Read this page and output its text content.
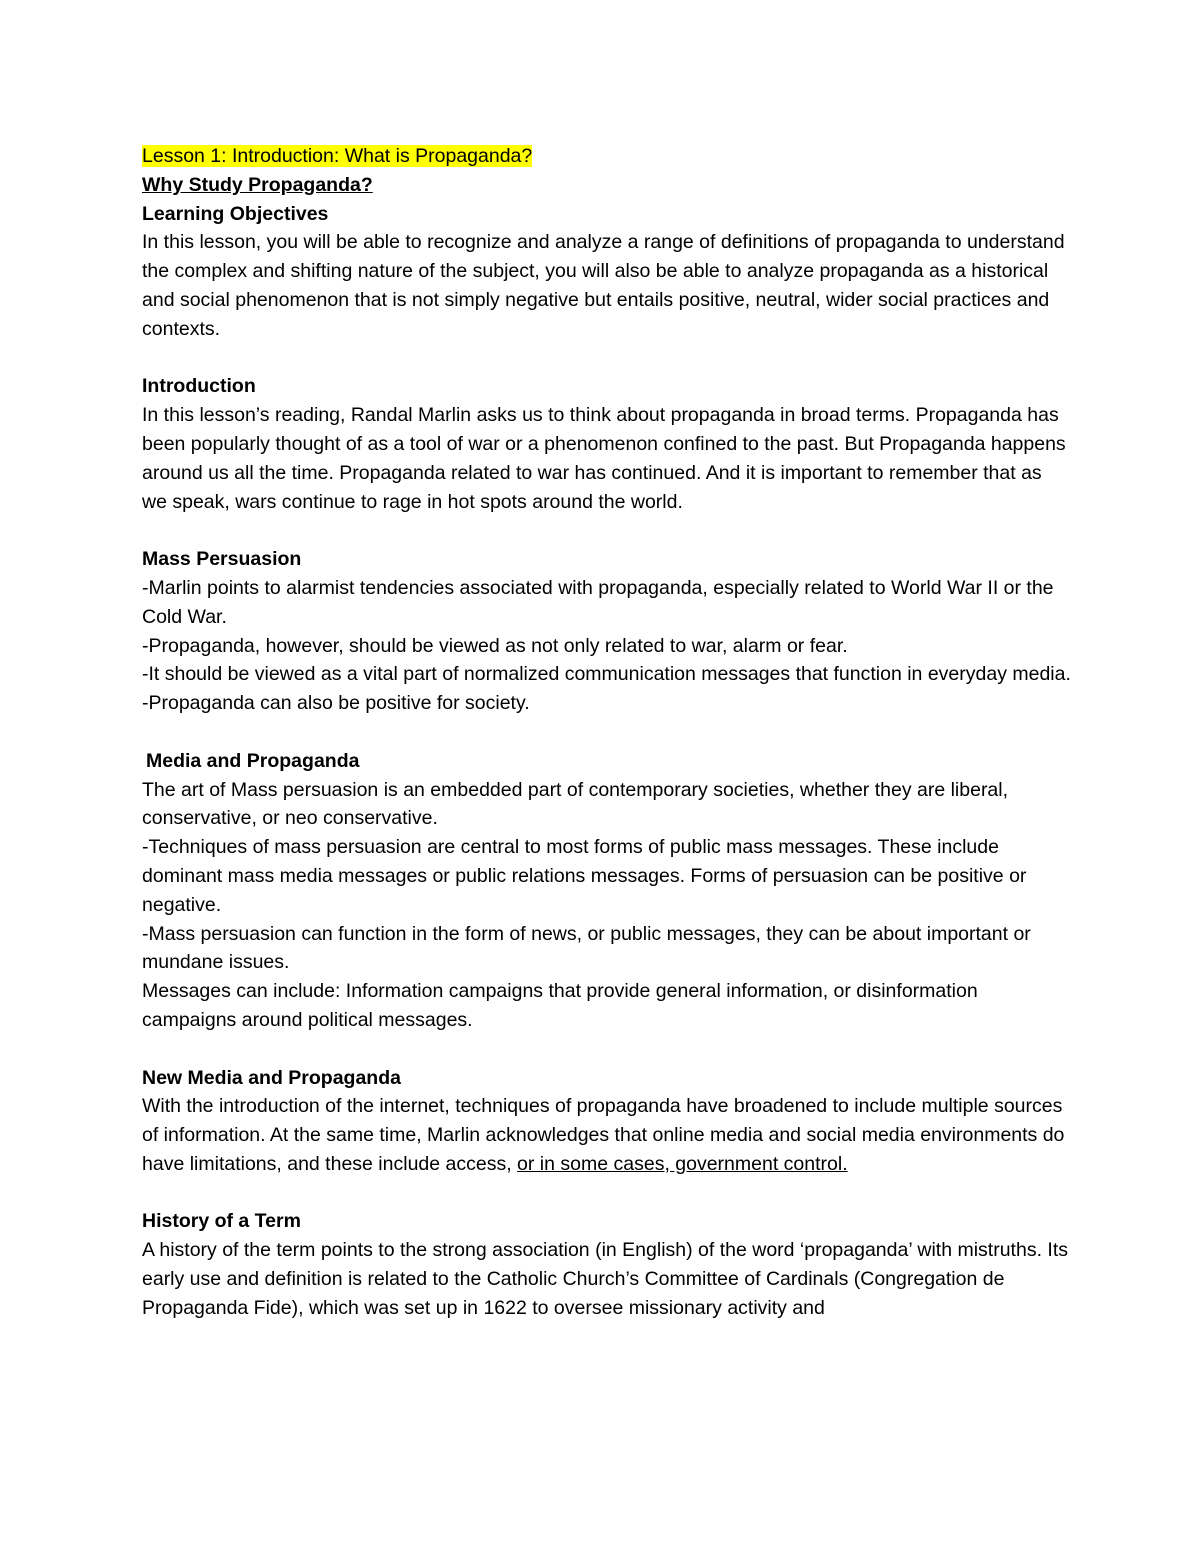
Lesson 1: Introduction: What is Propaganda?

Why Study Propaganda?

Learning Objectives

In this lesson, you will be able to recognize and analyze a range of definitions of propaganda to understand the complex and shifting nature of the subject, you will also be able to analyze propaganda as a historical and social phenomenon that is not simply negative but entails positive, neutral, wider social practices and contexts.

Introduction

In this lesson’s reading, Randal Marlin asks us to think about propaganda in broad terms. Propaganda has been popularly thought of as a tool of war or a phenomenon confined to the past. But Propaganda happens around us all the time. Propaganda related to war has continued. And it is important to remember that as we speak, wars continue to rage in hot spots around the world.

Mass Persuasion

-Marlin points to alarmist tendencies associated with propaganda, especially related to World War II or the Cold War.

-Propaganda, however, should be viewed as not only related to war, alarm or fear.

-It should be viewed as a vital part of normalized communication messages that function in everyday media.

-Propaganda can also be positive for society.

Media and Propaganda

The art of Mass persuasion is an embedded part of contemporary societies, whether they are liberal, conservative, or neo conservative.

-Techniques of mass persuasion are central to most forms of public mass messages. These include dominant mass media messages or public relations messages. Forms of persuasion can be positive or negative.

-Mass persuasion can function in the form of news, or public messages, they can be about important or mundane issues.

Messages can include: Information campaigns that provide general information, or disinformation campaigns around political messages.

New Media and Propaganda

With the introduction of the internet, techniques of propaganda have broadened to include multiple sources of information. At the same time, Marlin acknowledges that online media and social media environments do have limitations, and these include access, or in some cases, government control.

History of a Term

A history of the term points to the strong association (in English) of the word ‘propaganda’ with mistruths. Its early use and definition is related to the Catholic Church’s Committee of Cardinals (Congregation de Propaganda Fide), which was set up in 1622 to oversee missionary activity and
